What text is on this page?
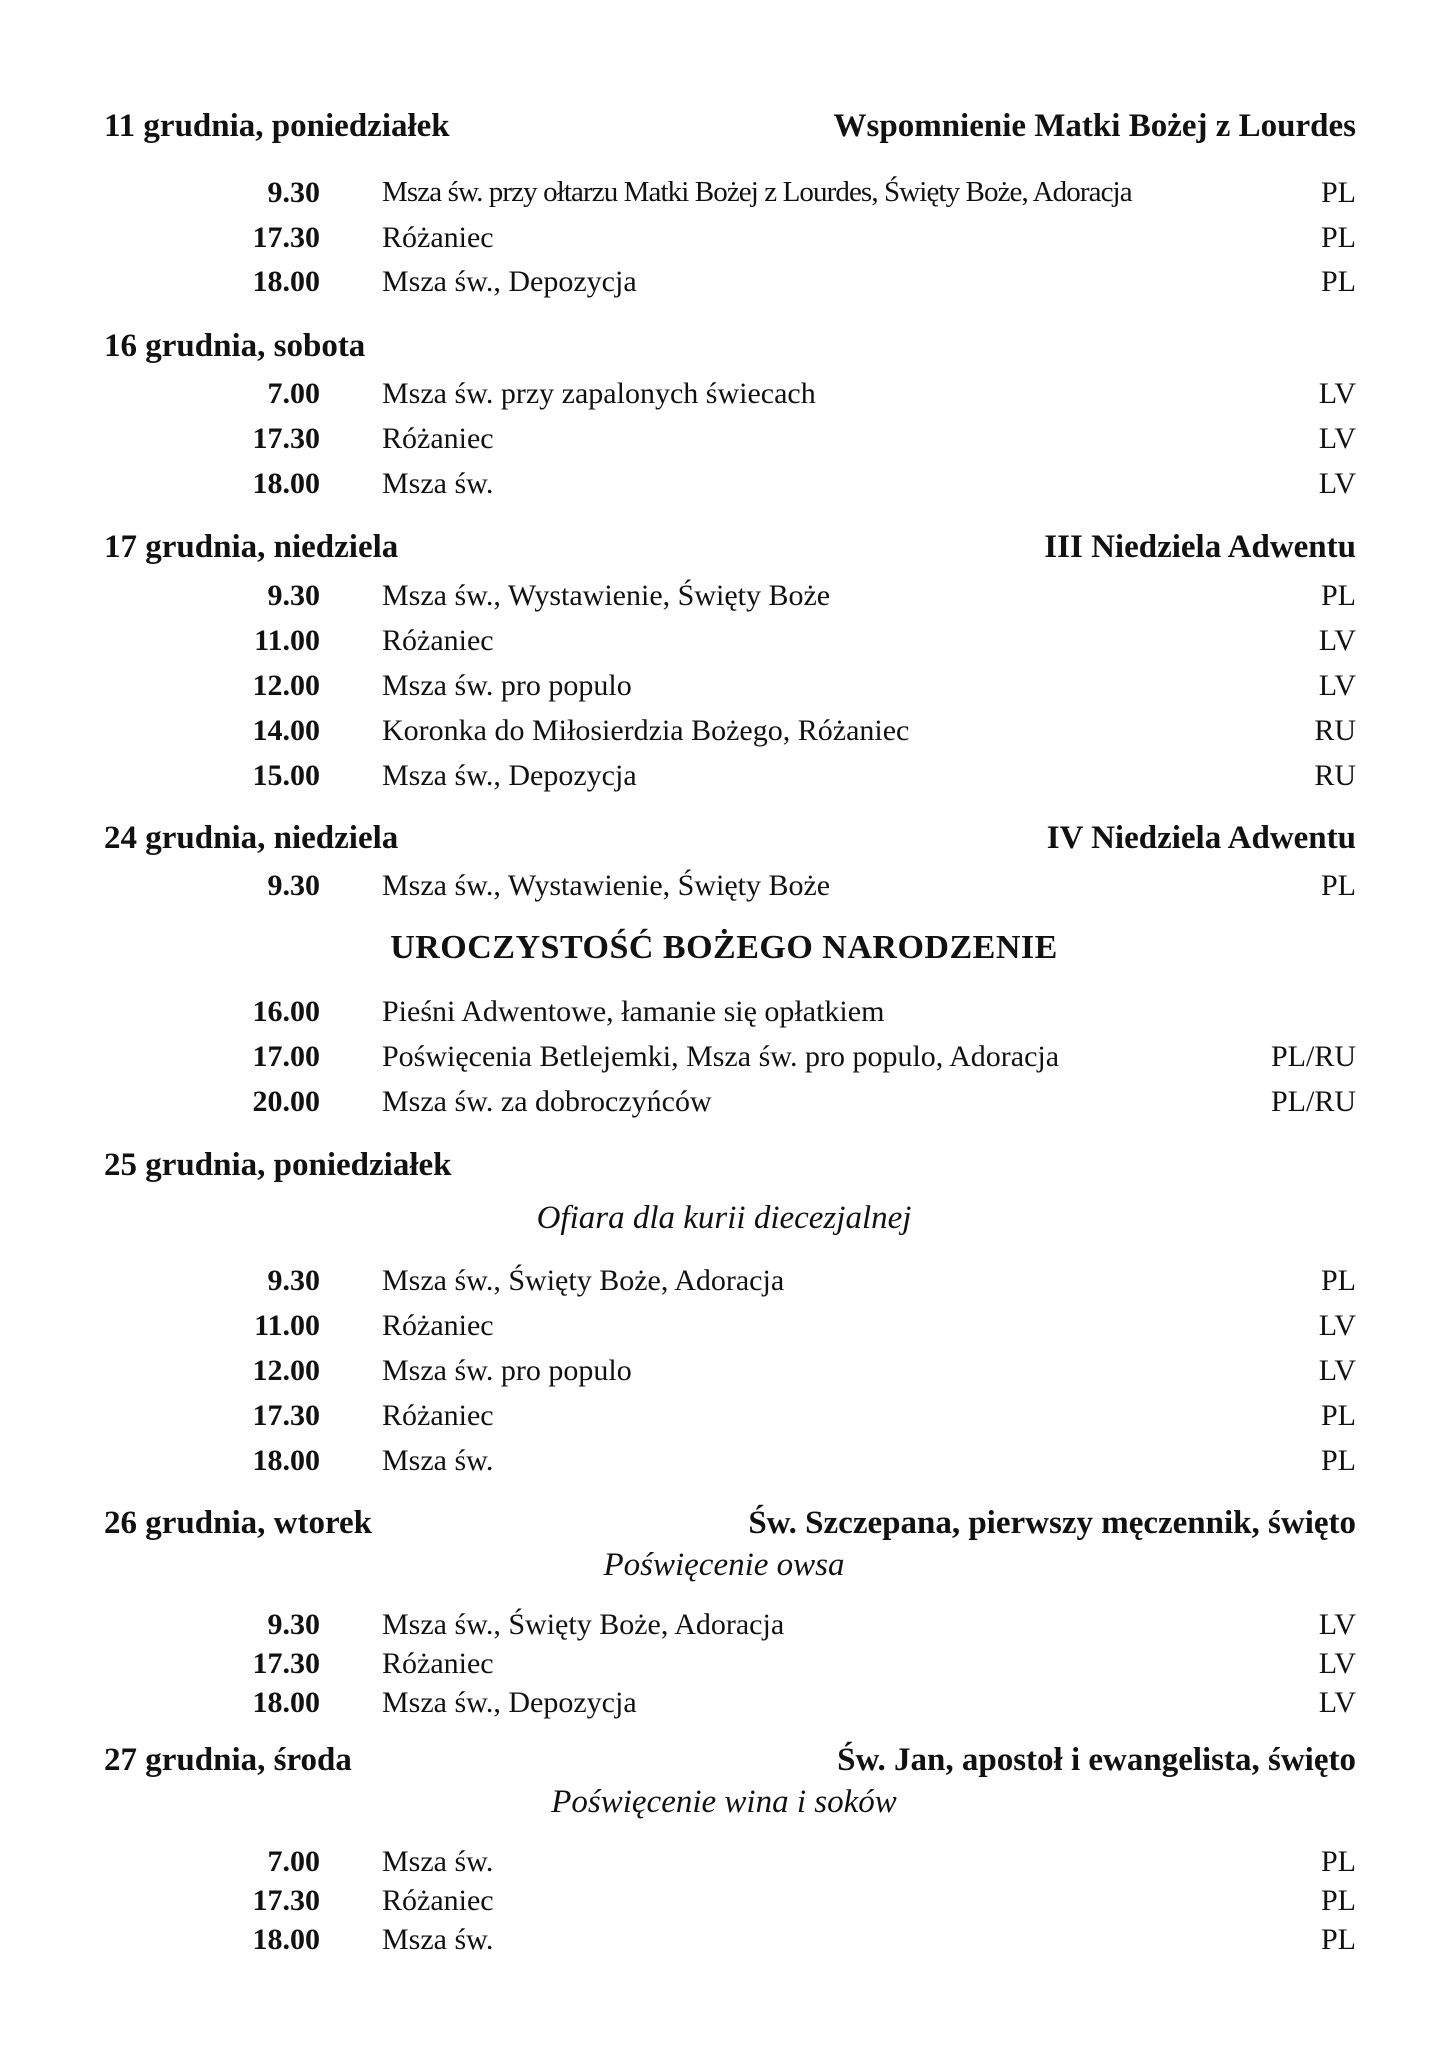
11 grudnia, poniedziałek	Wspomnienie Matki Bożej z Lourdes
9.30 Msza św. przy ołtarzu Matki Bożej z Lourdes, Święty Boże, Adoracja	PL
17.30 Różaniec	PL
18.00 Msza św., Depozycja	PL
16 grudnia, sobota
7.00 Msza św. przy zapalonych świecach	LV
17.30 Różaniec	LV
18.00 Msza św.	LV
17 grudnia, niedziela	III Niedziela Adwentu
9.30 Msza św., Wystawienie, Święty Boże	PL
11.00 Różaniec	LV
12.00 Msza św. pro populo	LV
14.00 Koronka do Miłosierdzia Bożego, Różaniec	RU
15.00 Msza św., Depozycja	RU
24 grudnia, niedziela	IV Niedziela Adwentu
9.30 Msza św., Wystawienie, Święty Boże	PL
UROCZYSTOŚĆ BOŻEGO NARODZENIE
16.00 Pieśni Adwentowe, łamanie się opłatkiem
17.00 Poświęcenia Betlejemki, Msza św. pro populo, Adoracja	PL/RU
20.00 Msza św. za dobroczyńców	PL/RU
25 grudnia, poniedziałek
Ofiara dla kurii diecezjalnej
9.30 Msza św., Święty Boże, Adoracja	PL
11.00 Różaniec	LV
12.00 Msza św. pro populo	LV
17.30 Różaniec	PL
18.00 Msza św.	PL
26 grudnia, wtorek	Św. Szczepana, pierwszy męczennik, święto
Poświęcenie owsa
9.30 Msza św., Święty Boże, Adoracja	LV
17.30 Różaniec	LV
18.00 Msza św., Depozycja	LV
27 grudnia, środa	Św. Jan, apostoł i ewangelista, święto
Poświęcenie wina i soków
7.00 Msza św.	PL
17.30 Różaniec	PL
18.00 Msza św.	PL
